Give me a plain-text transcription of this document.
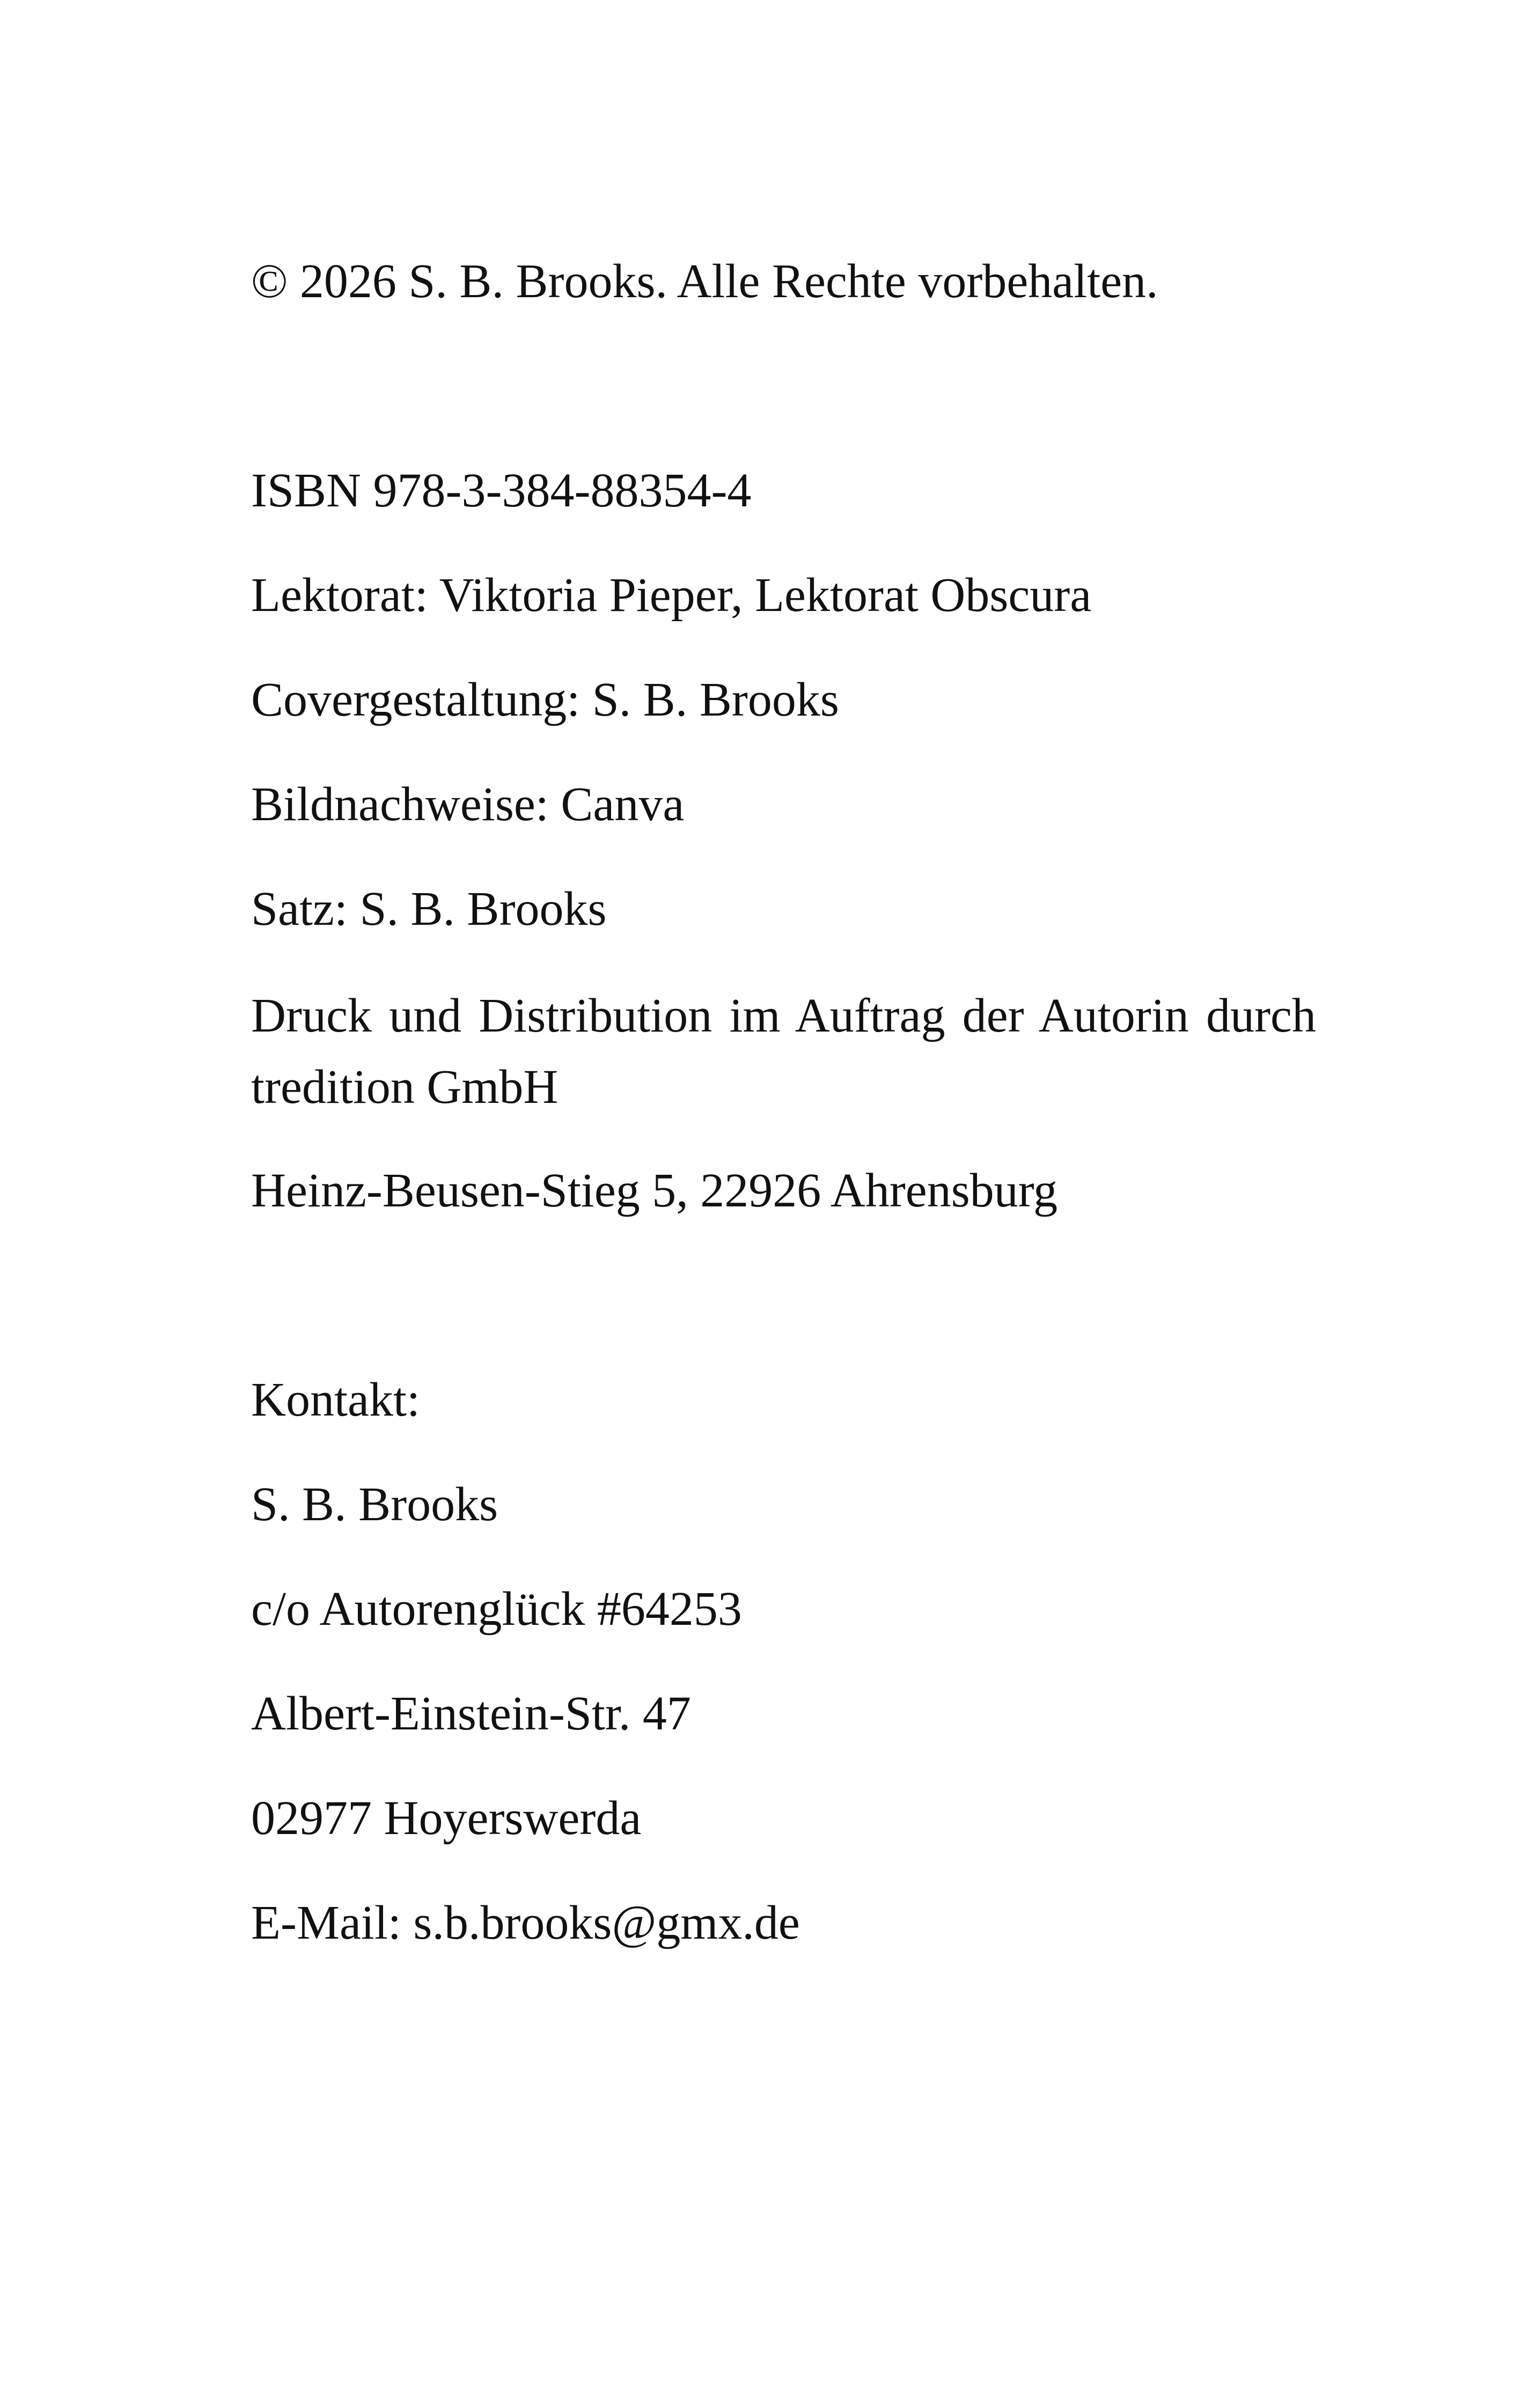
© 2026 S. B. Brooks. Alle Rechte vorbehalten.
ISBN 978-3-384-88354-4
Lektorat: Viktoria Pieper, Lektorat Obscura
Covergestaltung: S. B. Brooks
Bildnachweise: Canva
Satz: S. B. Brooks
Druck und Distribution im Auftrag der Autorin durch tredition GmbH
Heinz-Beusen-Stieg 5, 22926 Ahrensburg
Kontakt:
S. B. Brooks
c/o Autorenglück #64253
Albert-Einstein-Str. 47
02977 Hoyerswerda
E-Mail: s.b.brooks@gmx.de
